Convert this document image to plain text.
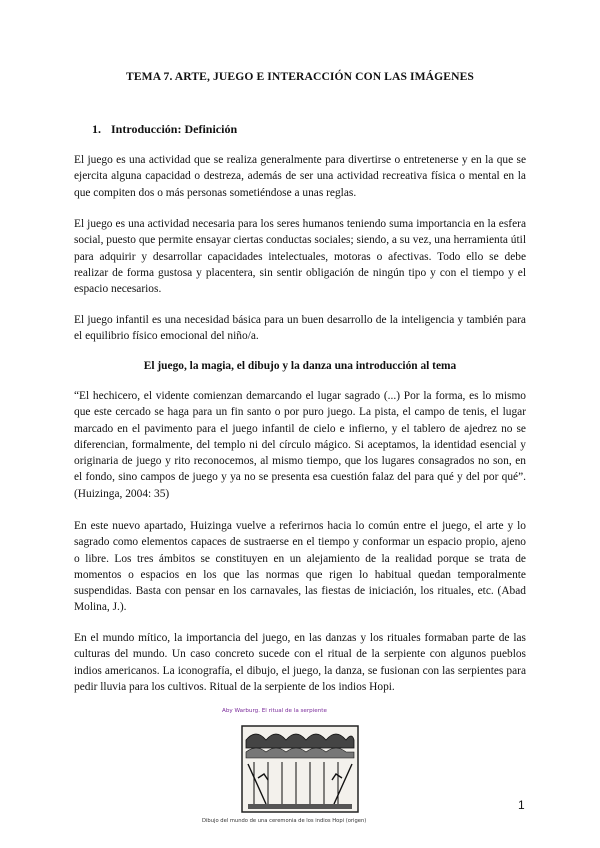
TEMA 7. ARTE, JUEGO E INTERACCIÓN CON LAS IMÁGENES
1. Introducción: Definición

El juego es una actividad que se realiza generalmente para divertirse o entretenerse y en la que se ejercita alguna capacidad o destreza, además de ser una actividad recreativa física o mental en la que compiten dos o más personas sometiéndose a unas reglas.

El juego es una actividad necesaria para los seres humanos teniendo suma importancia en la esfera social, puesto que permite ensayar ciertas conductas sociales; siendo, a su vez, una herramienta útil para adquirir y desarrollar capacidades intelectuales, motoras o afectivas. Todo ello se debe realizar de forma gustosa y placentera, sin sentir obligación de ningún tipo y con el tiempo y el espacio necesarios.

El juego infantil es una necesidad básica para un buen desarrollo de la inteligencia y también para el equilibrio físico emocional del niño/a.

El juego, la magia, el dibujo y la danza una introducción al tema

“El hechicero, el vidente comienzan demarcando el lugar sagrado (...) Por la forma, es lo mismo que este cercado se haga para un fin santo o por puro juego. La pista, el campo de tenis, el lugar marcado en el pavimento para el juego infantil de cielo e infierno, y el tablero de ajedrez no se diferencian, formalmente, del templo ni del círculo mágico. Si aceptamos, la identidad esencial y originaria de juego y rito reconocemos, al mismo tiempo, que los lugares consagrados no son, en el fondo, sino campos de juego y ya no se presenta esa cuestión falaz del para qué y del por qué”. (Huizinga, 2004: 35)

En este nuevo apartado, Huizinga vuelve a referirnos hacia lo común entre el juego, el arte y lo sagrado como elementos capaces de sustraerse en el tiempo y conformar un espacio propio, ajeno o libre. Los tres ámbitos se constituyen en un alejamiento de la realidad porque se trata de momentos o espacios en los que las normas que rigen lo habitual quedan temporalmente suspendidas. Basta con pensar en los carnavales, las fiestas de iniciación, los rituales, etc. (Abad Molina, J.).

En el mundo mítico, la importancia del juego, en las danzas y los rituales formaban parte de las culturas del mundo. Un caso concreto sucede con el ritual de la serpiente con algunos pueblos indios americanos. La iconografía, el dibujo, el juego, la danza, se fusionan con las serpientes para pedir lluvia para los cultivos. Ritual de la serpiente de los indios Hopi.

Aby Warburg. El ritual de la serpiente
Dibujo del mundo de una ceremonia de los indios Hopi (origen)
1
